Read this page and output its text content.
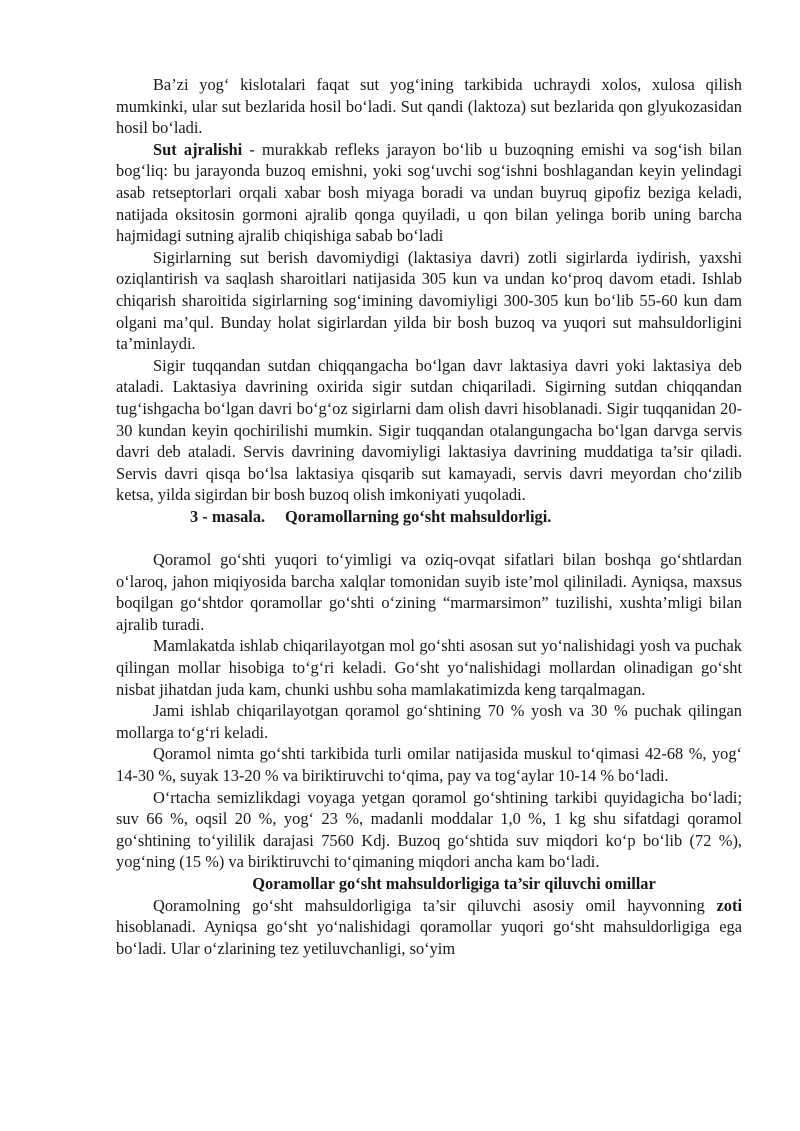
Ba’zi yog‘ kislotalari faqat sut yog‘ining tarkibida uchraydi xolos, xulosa qilish mumkinki, ular sut bezlarida hosil bo‘ladi. Sut qandi (laktoza) sut bezlarida qon glyukozasidan hosil bo‘ladi.

Sut ajralishi - murakkab refleks jarayon bo‘lib u buzoqning emishi va sog‘ish bilan bog‘liq: bu jarayonda buzoq emishni, yoki sog‘uvchi sog‘ishni boshlagandan keyin yelindagi asab retseptorlari orqali xabar bosh miyaga boradi va undan buyruq gipofiz beziga keladi, natijada oksitosin gormoni ajralib qonga quyiladi, u qon bilan yelinga borib uning barcha hajmidagi sutning ajralib chiqishiga sabab bo‘ladi

Sigirlarning sut berish davomiydigi (laktasiya davri) zotli sigirlarda iydirish, yaxshi oziqlantirish va saqlash sharoitlari natijasida 305 kun va undan ko‘proq davom etadi. Ishlab chiqarish sharoitida sigirlarning sog‘imining davomiyligi 300-305 kun bo‘lib 55-60 kun dam olgani ma’qul. Bunday holat sigirlardan yilda bir bosh buzoq va yuqori sut mahsuldorligini ta’minlaydi.

Sigir tuqqandan sutdan chiqqangacha bo‘lgan davr laktasiya davri yoki laktasiya deb ataladi. Laktasiya davrining oxirida sigir sutdan chiqariladi. Sigirning sutdan chiqqandan tug‘ishgacha bo‘lgan davri bo‘g‘oz sigirlarni dam olish davri hisoblanadi. Sigir tuqqanidan 20-30 kundan keyin qochirilishi mumkin. Sigir tuqqandan otalangungacha bo‘lgan darvga servis davri deb ataladi. Servis davrining davomiyligi laktasiya davrining muddatiga ta’sir qiladi. Servis davri qisqa bo‘lsa laktasiya qisqarib sut kamayadi, servis davri meyordan cho‘zilib ketsa, yilda sigirdan bir bosh buzoq olish imkoniyati yuqoladi.

3 - masala. Qoramollarning go‘sht mahsuldorligi.

Qoramol go‘shti yuqori to‘yimligi va oziq-ovqat sifatlari bilan boshqa go‘shtlardan o‘laroq, jahon miqiyosida barcha xalqlar tomonidan suyib iste’mol qiliniladi. Ayniqsa, maxsus boqilgan go‘shtdor qoramollar go‘shti o‘zining “marmarsimon” tuzilishi, xushta’mligi bilan ajralib turadi.

Mamlakatda ishlab chiqarilayotgan mol go‘shti asosan sut yo‘nalishidagi yosh va puchak qilingan mollar hisobiga to‘g‘ri keladi. Go‘sht yo‘nalishidagi mollardan olinadigan go‘sht nisbat jihatdan juda kam, chunki ushbu soha mamlakatimizda keng tarqalmagan.

Jami ishlab chiqarilayotgan qoramol go‘shtining 70 % yosh va 30 % puchak qilingan mollarga to‘g‘ri keladi.

Qoramol nimta go‘shti tarkibida turli omilar natijasida muskul to‘qimasi 42-68 %, yog‘ 14-30 %, suyak 13-20 % va biriktiruvchi to‘qima, pay va tog‘aylar 10-14 % bo‘ladi.

O‘rtacha semizlikdagi voyaga yetgan qoramol go‘shtining tarkibi quyidagicha bo‘ladi; suv 66 %, oqsil 20 %, yog‘ 23 %, madanli moddalar 1,0 %, 1 kg shu sifatdagi qoramol go‘shtining to‘yililik darajasi 7560 Kdj. Buzoq go‘shtida suv miqdori ko‘p bo‘lib (72 %), yog‘ning (15 %) va biriktiruvchi to‘qimaning miqdori ancha kam bo‘ladi.

Qoramollar go‘sht mahsuldorligiga ta’sir qiluvchi omillar

Qoramolning go‘sht mahsuldorligiga ta’sir qiluvchi asosiy omil hayvonning zoti hisoblanadi. Ayniqsa go‘sht yo‘nalishidagi qoramollar yuqori go‘sht mahsuldorligiga ega bo‘ladi. Ular o‘zlarining tez yetiluvchanligi, so‘yim
